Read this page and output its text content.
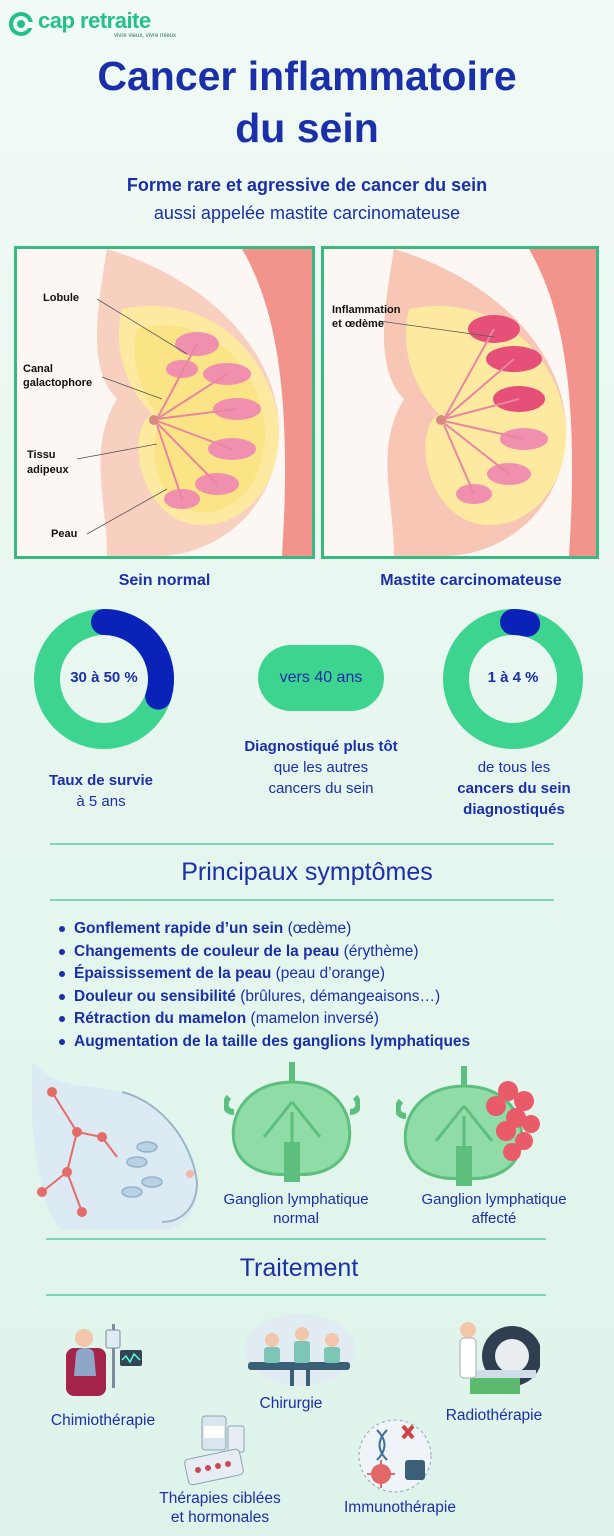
cap retraite
vivre vieux, vivre mieux
Cancer inflammatoire
du sein
Forme rare et agressive de cancer du sein
aussi appelée mastite carcinomateuse
Lobule
Canal
galactophore
Tissu
adipeux
Peau
Inflammation
et œdème
Sein normal	Mastite carcinomateuse
30 à 50 %	vers 40 ans	1 à 4 %
Taux de survie
à 5 ans
Diagnostiqué plus tôt
que les autres
cancers du sein
de tous les
cancers du sein
diagnostiqués
Principaux symptômes
Gonflement rapide d’un sein (œdème)
Changements de couleur de la peau (érythème)
Épaississement de la peau (peau d’orange)
Douleur ou sensibilité (brûlures, démangeaisons…)
Rétraction du mamelon (mamelon inversé)
Augmentation de la taille des ganglions lymphatiques
Ganglion lymphatique
normal
Ganglion lymphatique
affecté
Traitement
Chimiothérapie
Chirurgie
Radiothérapie
Thérapies ciblées
et hormonales
Immunothérapie
